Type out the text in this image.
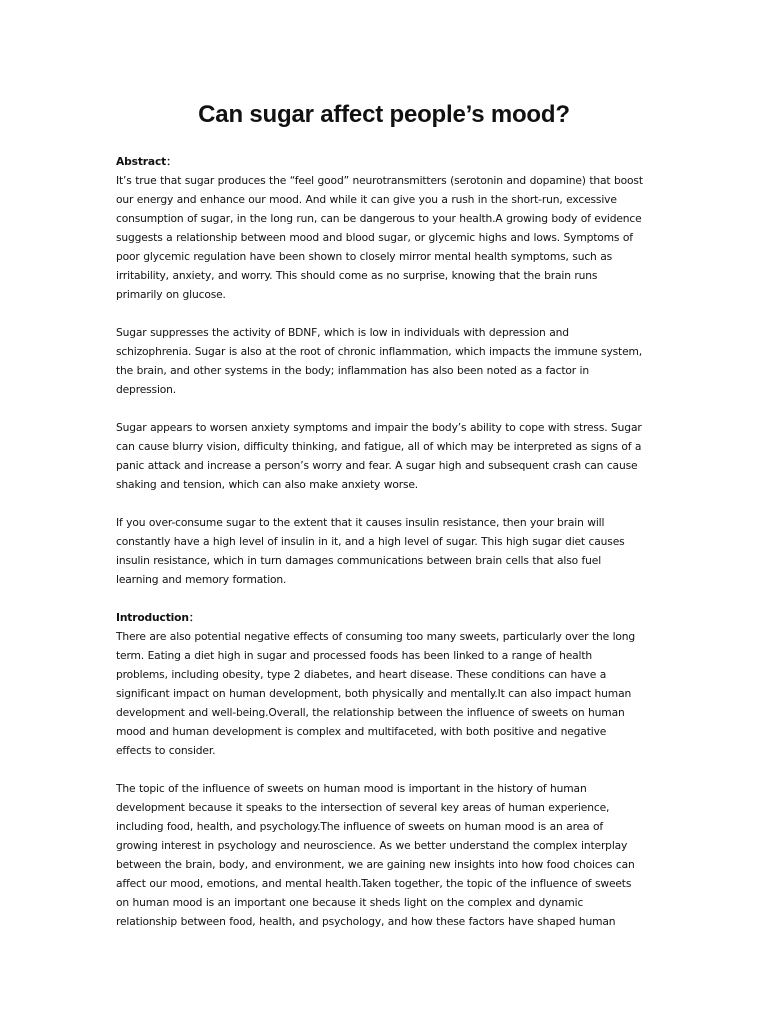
Can sugar affect people’s mood?

Abstract：

It’s true that sugar produces the “feel good” neurotransmitters (serotonin and dopamine) that boost our energy and enhance our mood. And while it can give you a rush in the short-run, excessive consumption of sugar, in the long run, can be dangerous to your health.A growing body of evidence suggests a relationship between mood and blood sugar, or glycemic highs and lows. Symptoms of poor glycemic regulation have been shown to closely mirror mental health symptoms, such as irritability, anxiety, and worry. This should come as no surprise, knowing that the brain runs primarily on glucose.

Sugar suppresses the activity of BDNF, which is low in individuals with depression and schizophrenia. Sugar is also at the root of chronic inflammation, which impacts the immune system, the brain, and other systems in the body; inflammation has also been noted as a factor in depression.

Sugar appears to worsen anxiety symptoms and impair the body’s ability to cope with stress. Sugar can cause blurry vision, difficulty thinking, and fatigue, all of which may be interpreted as signs of a panic attack and increase a person’s worry and fear. A sugar high and subsequent crash can cause shaking and tension, which can also make anxiety worse.

If you over-consume sugar to the extent that it causes insulin resistance, then your brain will constantly have a high level of insulin in it, and a high level of sugar. This high sugar diet causes insulin resistance, which in turn damages communications between brain cells that also fuel learning and memory formation.

Introduction：

There are also potential negative effects of consuming too many sweets, particularly over the long term. Eating a diet high in sugar and processed foods has been linked to a range of health problems, including obesity, type 2 diabetes, and heart disease. These conditions can have a significant impact on human development, both physically and mentally.It can also impact human development and well-being.Overall, the relationship between the influence of sweets on human mood and human development is complex and multifaceted, with both positive and negative effects to consider.

The topic of the influence of sweets on human mood is important in the history of human development because it speaks to the intersection of several key areas of human experience, including food, health, and psychology.The influence of sweets on human mood is an area of growing interest in psychology and neuroscience. As we better understand the complex interplay between the brain, body, and environment, we are gaining new insights into how food choices can affect our mood, emotions, and mental health.Taken together, the topic of the influence of sweets on human mood is an important one because it sheds light on the complex and dynamic relationship between food, health, and psychology, and how these factors have shaped human
